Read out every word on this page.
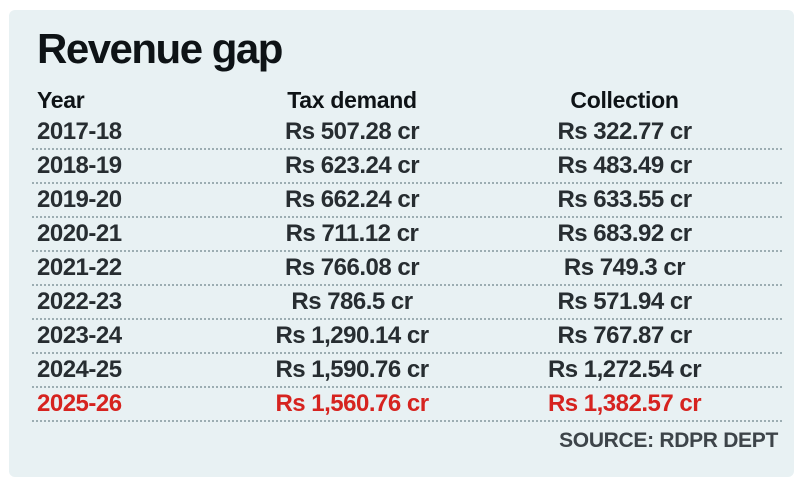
Revenue gap
Year	Tax demand	Collection
2017-18	Rs 507.28 cr	Rs 322.77 cr
2018-19	Rs 623.24 cr	Rs 483.49 cr
2019-20	Rs 662.24 cr	Rs 633.55 cr
2020-21	Rs 711.12 cr	Rs 683.92 cr
2021-22	Rs 766.08 cr	Rs 749.3 cr
2022-23	Rs 786.5 cr	Rs 571.94 cr
2023-24	Rs 1,290.14 cr	Rs 767.87 cr
2024-25	Rs 1,590.76 cr	Rs 1,272.54 cr
2025-26	Rs 1,560.76 cr	Rs 1,382.57 cr
SOURCE: RDPR DEPT
